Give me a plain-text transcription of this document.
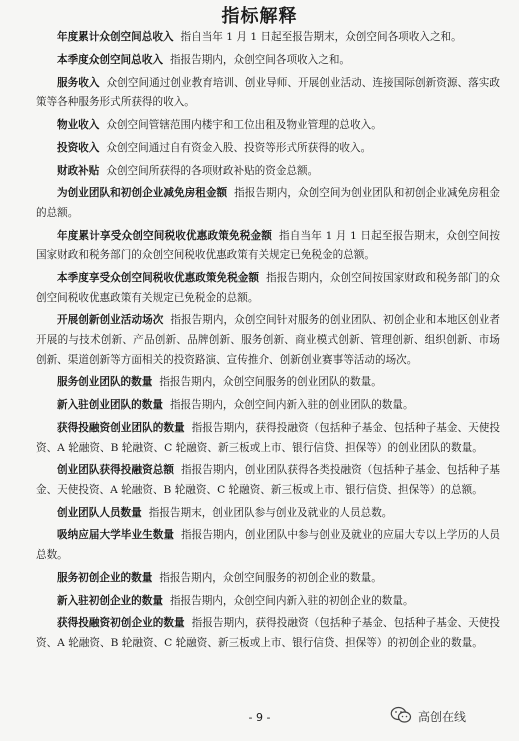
指标解释

年度累计众创空间总收入 指自当年 1 月 1 日起至报告期末，众创空间各项收入之和。

本季度众创空间总收入 指报告期内，众创空间各项收入之和。

服务收入 众创空间通过创业教育培训、创业导师、开展创业活动、连接国际创新资源、落实政策等各种服务形式所获得的收入。

物业收入 众创空间管辖范围内楼宇和工位出租及物业管理的总收入。

投资收入 众创空间通过自有资金入股、投资等形式所获得的收入。

财政补贴 众创空间所获得的各项财政补贴的资金总额。

为创业团队和初创企业减免房租金额 指报告期内，众创空间为创业团队和初创企业减免房租金的总额。

年度累计享受众创空间税收优惠政策免税金额 指自当年 1 月 1 日起至报告期末，众创空间按国家财政和税务部门的众创空间税收优惠政策有关规定已免税金的总额。

本季度享受众创空间税收优惠政策免税金额 指报告期内，众创空间按国家财政和税务部门的众创空间税收优惠政策有关规定已免税金的总额。

开展创新创业活动场次 指报告期内，众创空间针对服务的创业团队、初创企业和本地区创业者开展的与技术创新、产品创新、品牌创新、服务创新、商业模式创新、管理创新、组织创新、市场创新、渠道创新等方面相关的投资路演、宣传推介、创新创业赛事等活动的场次。

服务创业团队的数量 指报告期内，众创空间服务的创业团队的数量。

新入驻创业团队的数量 指报告期内，众创空间内新入驻的创业团队的数量。

获得投融资创业团队的数量 指报告期内，获得投融资（包括种子基金、包括种子基金、天使投资、A 轮融资、B 轮融资、C 轮融资、新三板或上市、银行信贷、担保等）的创业团队的数量。

创业团队获得投融资总额 指报告期内，创业团队获得各类投融资（包括种子基金、包括种子基金、天使投资、A 轮融资、B 轮融资、C 轮融资、新三板或上市、银行信贷、担保等）的总额。

创业团队人员数量 指报告期末，创业团队参与创业及就业的人员总数。

吸纳应届大学毕业生数量 指报告期内，创业团队中参与创业及就业的应届大专以上学历的人员总数。

服务初创企业的数量 指报告期内，众创空间服务的初创企业的数量。

新入驻初创企业的数量 指报告期内，众创空间内新入驻的初创企业的数量。

获得投融资初创企业的数量 指报告期内，获得投融资（包括种子基金、包括种子基金、天使投资、A 轮融资、B 轮融资、C 轮融资、新三板或上市、银行信贷、担保等）的初创企业的数量。

- 9 -	高创在线
